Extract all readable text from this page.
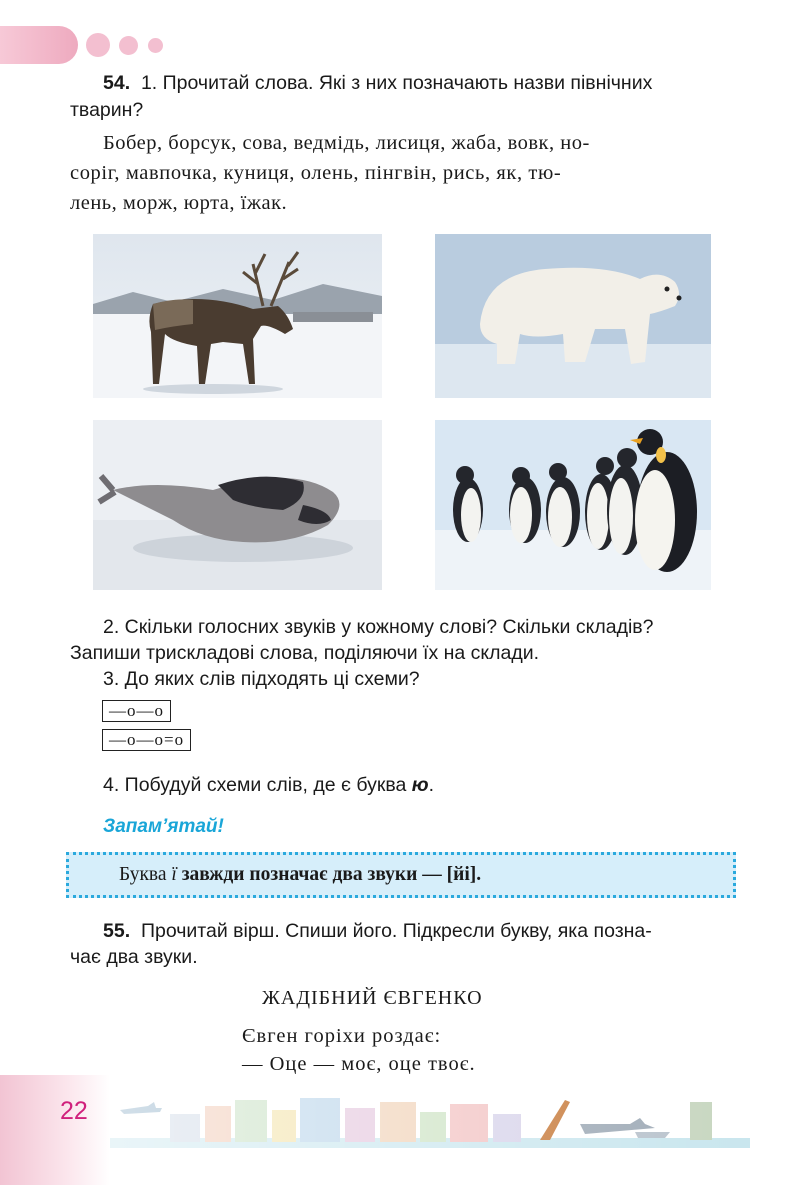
54. 1. Прочитай слова. Які з них позначають назви північних
тварин?
Бобер, борсук, сова, ведмідь, лисиця, жаба, вовк, но-
соріг, мавпочка, куниця, олень, пінгвін, рись, як, тю-
лень, морж, юрта, їжак.
2. Скільки голосних звуків у кожному слові? Скільки складів?
Запиши трискладові слова, поділяючи їх на склади.
3. До яких слів підходять ці схеми?
—о—о
—о—о=о
4. Побудуй схеми слів, де є буква ю.
Запам’ятай!
Буква ї завжди позначає два звуки — [йі].
55. Прочитай вірш. Спиши його. Підкресли букву, яка позна-
чає два звуки.
ЖАДІБНИЙ ЄВГЕНКО
Євген горіхи роздає:
— Оце — моє, оце твоє.
22
